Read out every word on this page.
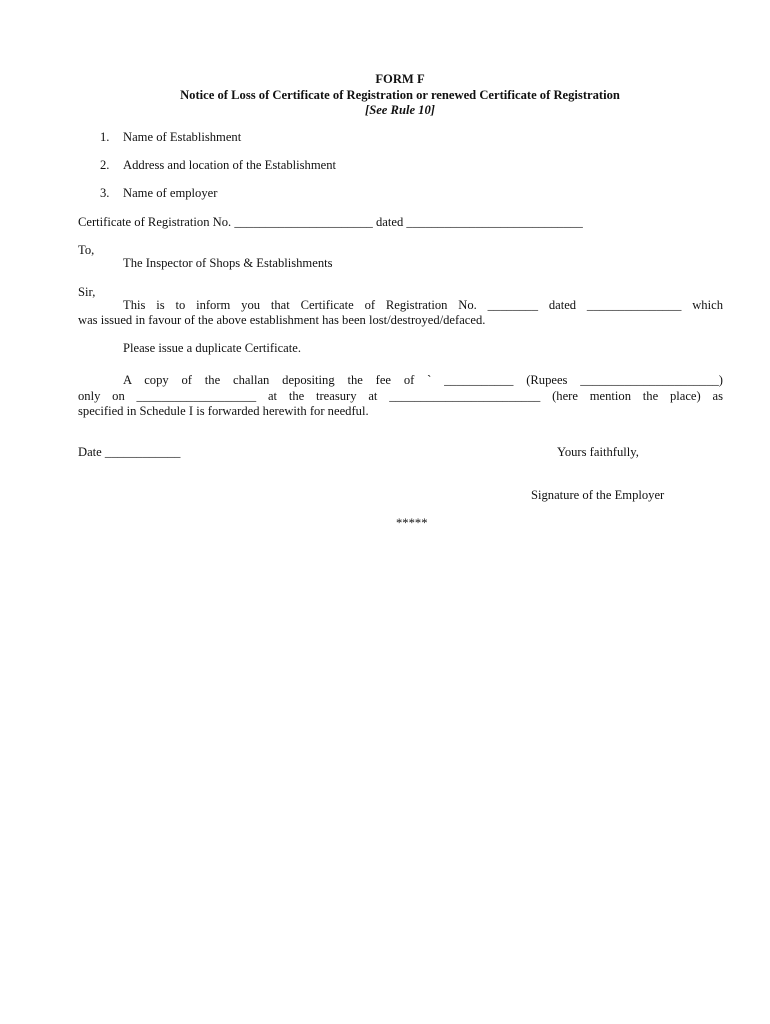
FORM F
Notice of Loss of Certificate of Registration or renewed Certificate of Registration
[See Rule 10]
1. Name of Establishment
2. Address and location of the Establishment
3. Name of employer
Certificate of Registration No. ______________________ dated ____________________________
To,
The Inspector of Shops & Establishments
Sir,
This is to inform you that Certificate of Registration No. ________ dated _______________ which
was issued in favour of the above establishment has been lost/destroyed/defaced.
Please issue a duplicate Certificate.
A copy of the challan depositing the fee of ` ___________ (Rupees ______________________)
only on ___________________ at the treasury at ________________________ (here mention the place) as
specified in Schedule I is forwarded herewith for needful.
Date ____________	Yours faithfully,
Signature of the Employer
*****
